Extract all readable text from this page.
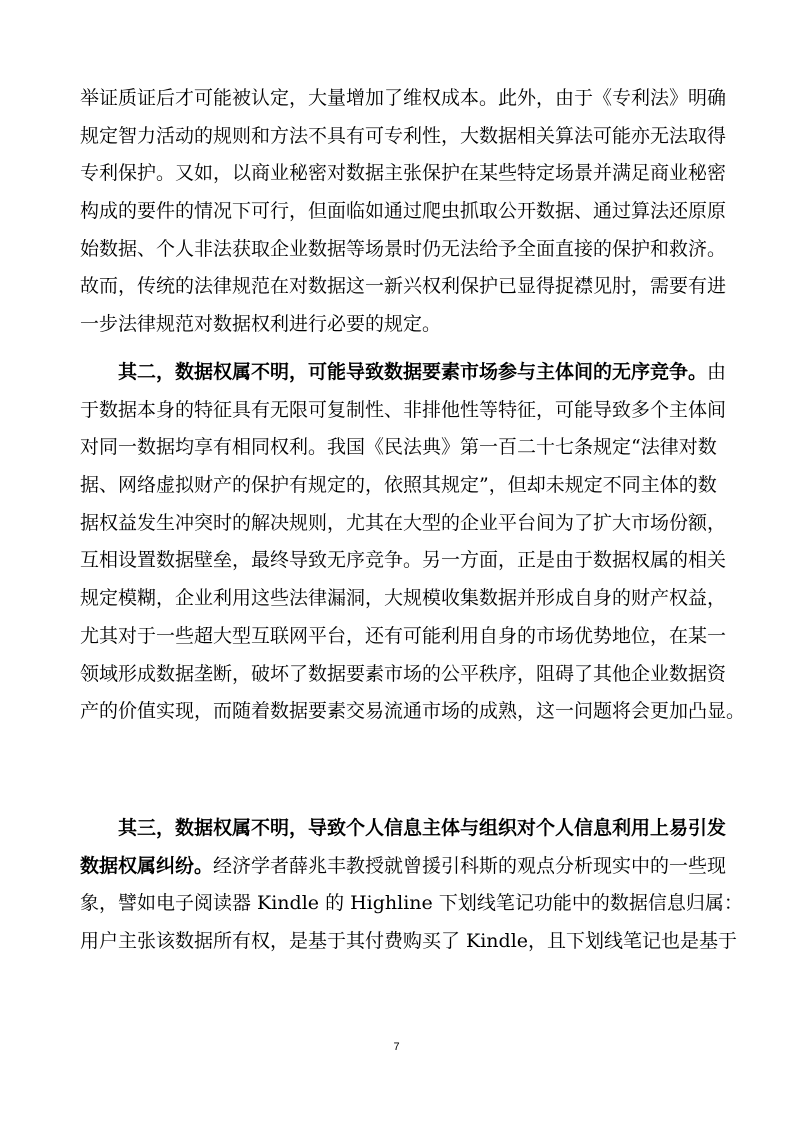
举证质证后才可能被认定，大量增加了维权成本。此外，由于《专利法》明确
规定智力活动的规则和方法不具有可专利性，大数据相关算法可能亦无法取得
专利保护。又如，以商业秘密对数据主张保护在某些特定场景并满足商业秘密
构成的要件的情况下可行，但面临如通过爬虫抓取公开数据、通过算法还原原
始数据、个人非法获取企业数据等场景时仍无法给予全面直接的保护和救济。
故而，传统的法律规范在对数据这一新兴权利保护已显得捉襟见肘，需要有进
一步法律规范对数据权利进行必要的规定。
其二，数据权属不明，可能导致数据要素市场参与主体间的无序竞争。由
于数据本身的特征具有无限可复制性、非排他性等特征，可能导致多个主体间
对同一数据均享有相同权利。我国《民法典》第一百二十七条规定“法律对数
据、网络虚拟财产的保护有规定的，依照其规定”，但却未规定不同主体的数
据权益发生冲突时的解决规则，尤其在大型的企业平台间为了扩大市场份额，
互相设置数据壁垒，最终导致无序竞争。另一方面，正是由于数据权属的相关
规定模糊，企业利用这些法律漏洞，大规模收集数据并形成自身的财产权益，
尤其对于一些超大型互联网平台，还有可能利用自身的市场优势地位，在某一
领域形成数据垄断，破坏了数据要素市场的公平秩序，阻碍了其他企业数据资
产的价值实现，而随着数据要素交易流通市场的成熟，这一问题将会更加凸显。
其三，数据权属不明，导致个人信息主体与组织对个人信息利用上易引发
数据权属纠纷。经济学者薛兆丰教授就曾援引科斯的观点分析现实中的一些现
象，譬如电子阅读器 Kindle 的 Highline 下划线笔记功能中的数据信息归属：
用户主张该数据所有权，是基于其付费购买了 Kindle，且下划线笔记也是基于
7
